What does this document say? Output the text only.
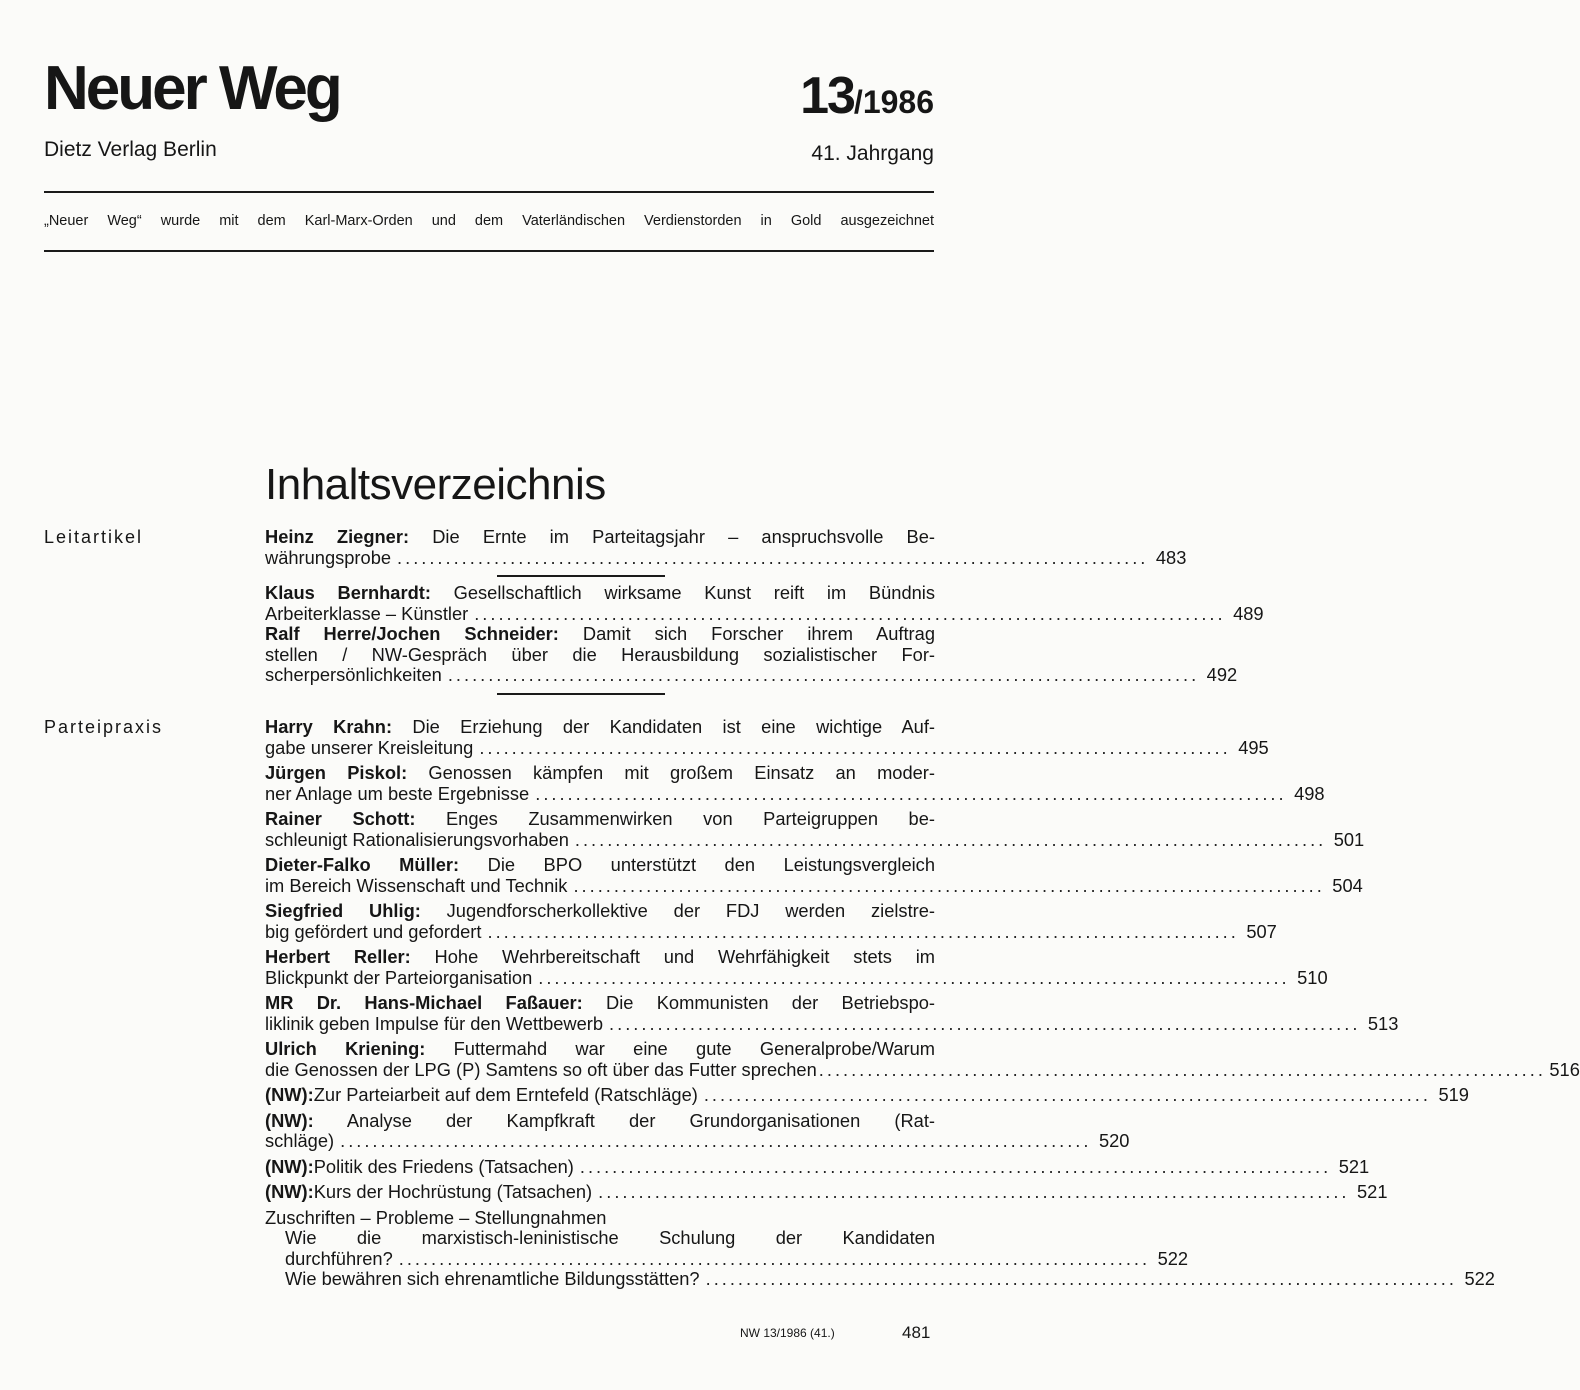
Neuer Weg	13/1986
Dietz Verlag Berlin	41. Jahrgang
„Neuer Weg“ wurde mit dem Karl-Marx-Orden und dem Vaterländischen Verdienstorden in Gold ausgezeichnet
Inhaltsverzeichnis
Leitartikel
Parteipraxis
Heinz Ziegner: Die Ernte im Parteitagsjahr – anspruchsvolle Be-
währungsprobe ............................................................................................. 483
Klaus Bernhardt: Gesellschaftlich wirksame Kunst reift im Bündnis
Arbeiterklasse – Künstler ............................................................................................. 489
Ralf Herre/Jochen Schneider: Damit sich Forscher ihrem Auftrag
stellen / NW-Gespräch über die Herausbildung sozialistischer For-
scherpersönlichkeiten ............................................................................................. 492
Harry Krahn: Die Erziehung der Kandidaten ist eine wichtige Auf-
gabe unserer Kreisleitung ............................................................................................. 495
Jürgen Piskol: Genossen kämpfen mit großem Einsatz an moder-
ner Anlage um beste Ergebnisse ............................................................................................. 498
Rainer Schott: Enges Zusammenwirken von Parteigruppen be-
schleunigt Rationalisierungsvorhaben ............................................................................................. 501
Dieter-Falko Müller: Die BPO unterstützt den Leistungsvergleich
im Bereich Wissenschaft und Technik ............................................................................................. 504
Siegfried Uhlig: Jugendforscherkollektive der FDJ werden zielstre-
big gefördert und gefordert ............................................................................................. 507
Herbert Reller: Hohe Wehrbereitschaft und Wehrfähigkeit stets im
Blickpunkt der Parteiorganisation ............................................................................................. 510
MR Dr. Hans-Michael Faßauer: Die Kommunisten der Betriebspo-
liklinik geben Impulse für den Wettbewerb ............................................................................................. 513
Ulrich Kriening: Futtermahd war eine gute Generalprobe/Warum
die Genossen der LPG (P) Samtens so oft über das Futter sprechen .......................................................................................... 516
(NW): Zur Parteiarbeit auf dem Erntefeld (Ratschläge) .......................................................................................... 519
(NW): Analyse der Kampfkraft der Grundorganisationen (Rat-
schläge) ............................................................................................. 520
(NW): Politik des Friedens (Tatsachen) ............................................................................................. 521
(NW): Kurs der Hochrüstung (Tatsachen) ............................................................................................. 521
Zuschriften – Probleme – Stellungnahmen
Wie die marxistisch-leninistische Schulung der Kandidaten
durchführen? ............................................................................................. 522
Wie bewähren sich ehrenamtliche Bildungsstätten? ............................................................................................. 522
NW 13/1986 (41.)	481
